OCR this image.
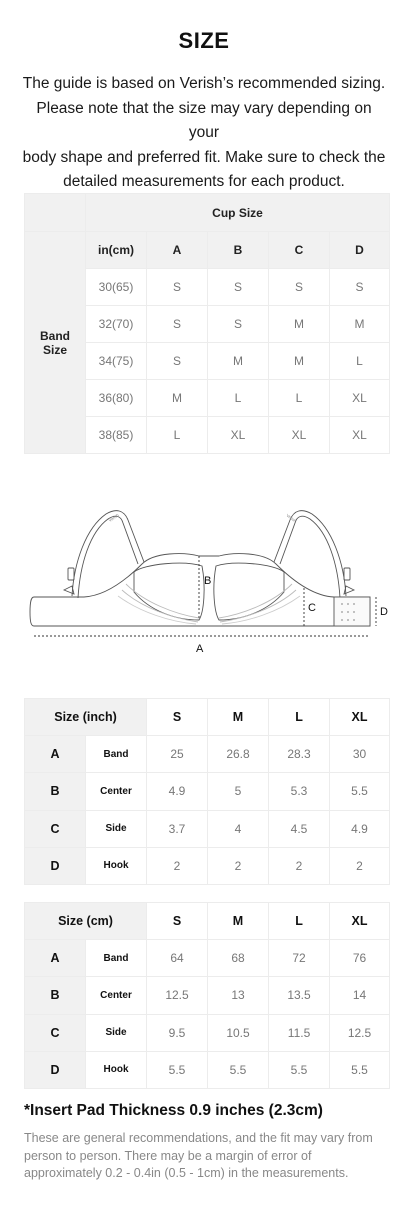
SIZE

The guide is based on Verish’s recommended sizing.

Please note that the size may vary depending on your

body shape and preferred fit. Make sure to check the

detailed measurements for each product.

	Cup Size				
Band
Size	in(cm)	A	B	C	D
	30(65)	S	S	S	S
	32(70)	S	S	M	M
	34(75)	S	M	M	L
	36(80)	M	L	L	XL
	38(85)	L	XL	XL	XL
A
B
C	D
Verish	Verish
Size (inch)		S	M	L	XL
A	Band	25	26.8	28.3	30
B	Center	4.9	5	5.3	5.5
C	Side	3.7	4	4.5	4.9
D	Hook	2	2	2	2
Size (cm)		S	M	L	XL
A	Band	64	68	72	76
B	Center	12.5	13	13.5	14
C	Side	9.5	10.5	11.5	12.5
D	Hook	5.5	5.5	5.5	5.5
*Insert Pad Thickness 0.9 inches (2.3cm)

These are general recommendations, and the fit may vary from person to person. There may be a margin of error of approximately 0.2 - 0.4in (0.5 - 1cm) in the measurements.
